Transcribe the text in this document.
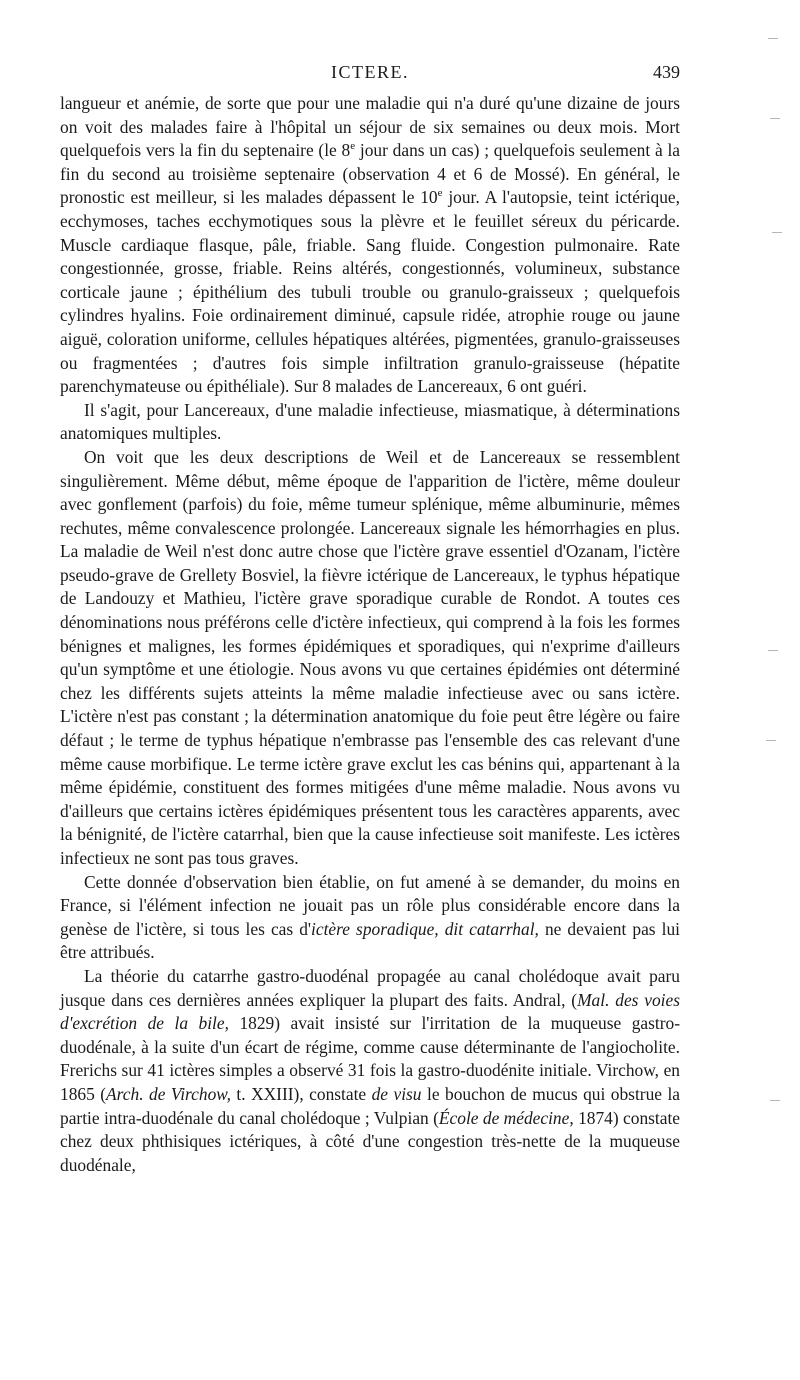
ICTERE.	439

langueur et anémie, de sorte que pour une maladie qui n'a duré qu'une dizaine de jours on voit des malades faire à l'hôpital un séjour de six semaines ou deux mois. Mort quelquefois vers la fin du septenaire (le 8e jour dans un cas) ; quelquefois seulement à la fin du second au troisième septenaire (observation 4 et 6 de Mossé). En général, le pronostic est meilleur, si les malades dépassent le 10e jour. A l'autopsie, teint ictérique, ecchymoses, taches ecchymotiques sous la plèvre et le feuillet séreux du péricarde. Muscle cardiaque flasque, pâle, friable. Sang fluide. Congestion pulmonaire. Rate congestionnée, grosse, friable. Reins altérés, congestionnés, volumineux, substance corticale jaune ; épithélium des tubuli trouble ou granulo-graisseux ; quelquefois cylindres hyalins. Foie ordinairement diminué, capsule ridée, atrophie rouge ou jaune aiguë, coloration uniforme, cellules hépatiques altérées, pigmentées, granulo-graisseuses ou fragmentées ; d'autres fois simple infiltration granulo-graisseuse (hépatite parenchymateuse ou épithéliale). Sur 8 malades de Lancereaux, 6 ont guéri.

Il s'agit, pour Lancereaux, d'une maladie infectieuse, miasmatique, à déterminations anatomiques multiples.

On voit que les deux descriptions de Weil et de Lancereaux se ressemblent singulièrement. Même début, même époque de l'apparition de l'ictère, même douleur avec gonflement (parfois) du foie, même tumeur splénique, même albuminurie, mêmes rechutes, même convalescence prolongée. Lancereaux signale les hémorrhagies en plus. La maladie de Weil n'est donc autre chose que l'ictère grave essentiel d'Ozanam, l'ictère pseudo-grave de Grellety Bosviel, la fièvre ictérique de Lancereaux, le typhus hépatique de Landouzy et Mathieu, l'ictère grave sporadique curable de Rondot. A toutes ces dénominations nous préférons celle d'ictère infectieux, qui comprend à la fois les formes bénignes et malignes, les formes épidémiques et sporadiques, qui n'exprime d'ailleurs qu'un symptôme et une étiologie. Nous avons vu que certaines épidémies ont déterminé chez les différents sujets atteints la même maladie infectieuse avec ou sans ictère. L'ictère n'est pas constant ; la détermination anatomique du foie peut être légère ou faire défaut ; le terme de typhus hépatique n'embrasse pas l'ensemble des cas relevant d'une même cause morbifique. Le terme ictère grave exclut les cas bénins qui, appartenant à la même épidémie, constituent des formes mitigées d'une même maladie. Nous avons vu d'ailleurs que certains ictères épidémiques présentent tous les caractères apparents, avec la bénignité, de l'ictère catarrhal, bien que la cause infectieuse soit manifeste. Les ictères infectieux ne sont pas tous graves.

Cette donnée d'observation bien établie, on fut amené à se demander, du moins en France, si l'élément infection ne jouait pas un rôle plus considérable encore dans la genèse de l'ictère, si tous les cas d'ictère sporadique, dit catarrhal, ne devaient pas lui être attribués.

La théorie du catarrhe gastro-duodénal propagée au canal cholédoque avait paru jusque dans ces dernières années expliquer la plupart des faits. Andral, (Mal. des voies d'excrétion de la bile, 1829) avait insisté sur l'irritation de la muqueuse gastro-duodénale, à la suite d'un écart de régime, comme cause déterminante de l'angiocholite. Frerichs sur 41 ictères simples a observé 31 fois la gastro-duodénite initiale. Virchow, en 1865 (Arch. de Virchow, t. XXIII), constate de visu le bouchon de mucus qui obstrue la partie intra-duodénale du canal cholédoque ; Vulpian (École de médecine, 1874) constate chez deux phthisiques ictériques, à côté d'une congestion très-nette de la muqueuse duodénale,
